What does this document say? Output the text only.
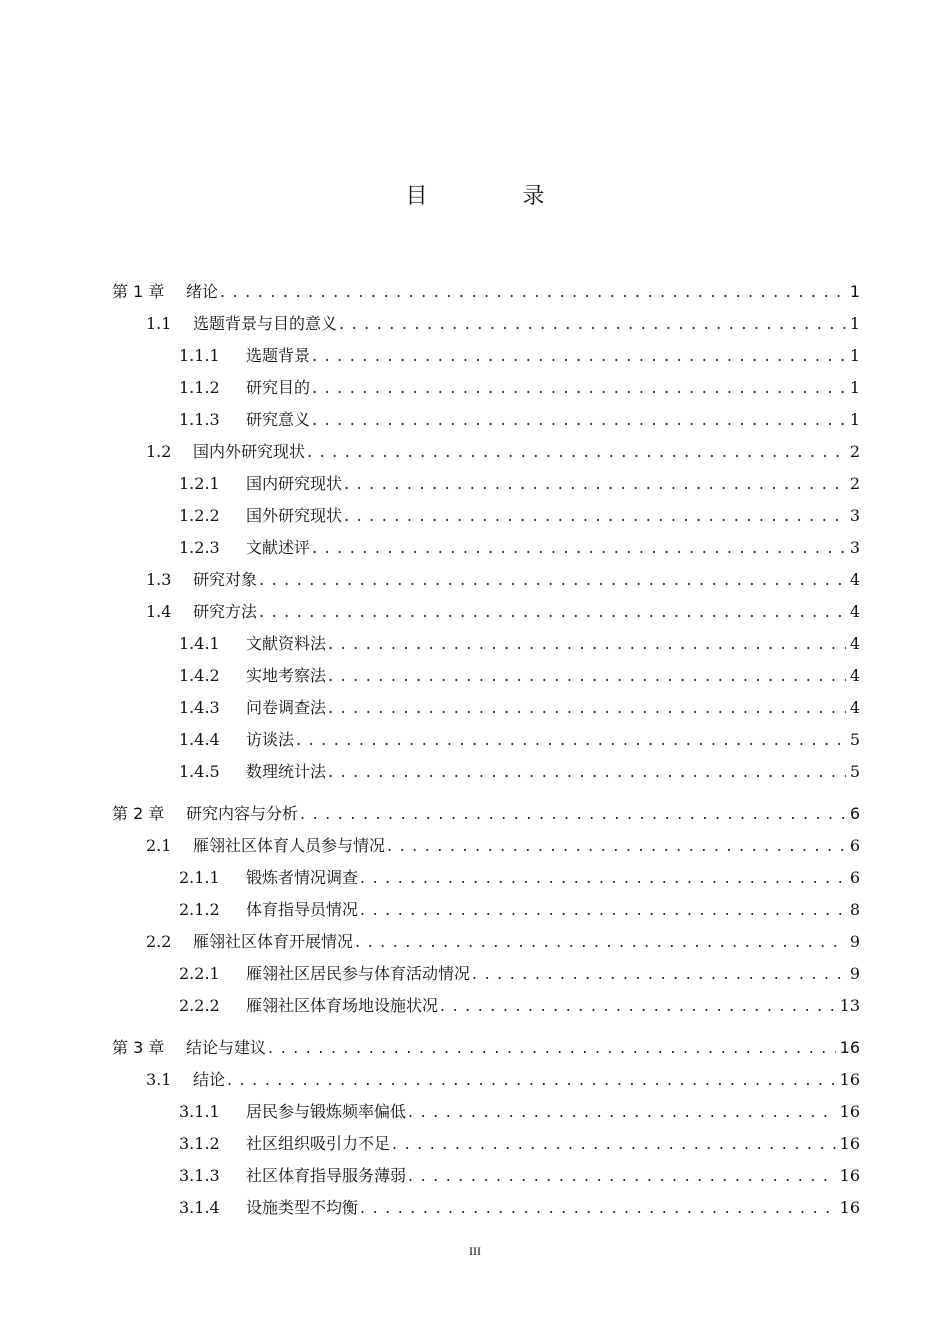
目 录
第 1 章	绪论 . . .	1
1.1	选题背景与目的意义 . . .	1
1.1.1	选题背景 . . .	1
1.1.2	研究目的 . . .	1
1.1.3	研究意义 . . .	1
1.2	国内外研究现状 . . .	2
1.2.1	国内研究现状 . . .	2
1.2.2	国外研究现状 . . .	3
1.2.3	文献述评 . . .	3
1.3	研究对象 . . .	4
1.4	研究方法 . . .	4
1.4.1	文献资料法 . . .	4
1.4.2	实地考察法 . . .	4
1.4.3	问卷调查法 . . .	4
1.4.4	访谈法 . . .	5
1.4.5	数理统计法 . . .	5
第 2 章	研究内容与分析 . . .	6
2.1	雁翎社区体育人员参与情况 . . .	6
2.1.1	锻炼者情况调查 . . .	6
2.1.2	体育指导员情况 . . .	8
2.2	雁翎社区体育开展情况 . . .	9
2.2.1	雁翎社区居民参与体育活动情况 . . .	9
2.2.2	雁翎社区体育场地设施状况 . . .	13
第 3 章	结论与建议 . . .	16
3.1	结论 . . .	16
3.1.1	居民参与锻炼频率偏低 . . .	16
3.1.2	社区组织吸引力不足 . . .	16
3.1.3	社区体育指导服务薄弱 . . .	16
3.1.4	设施类型不均衡 . . .	16
III
